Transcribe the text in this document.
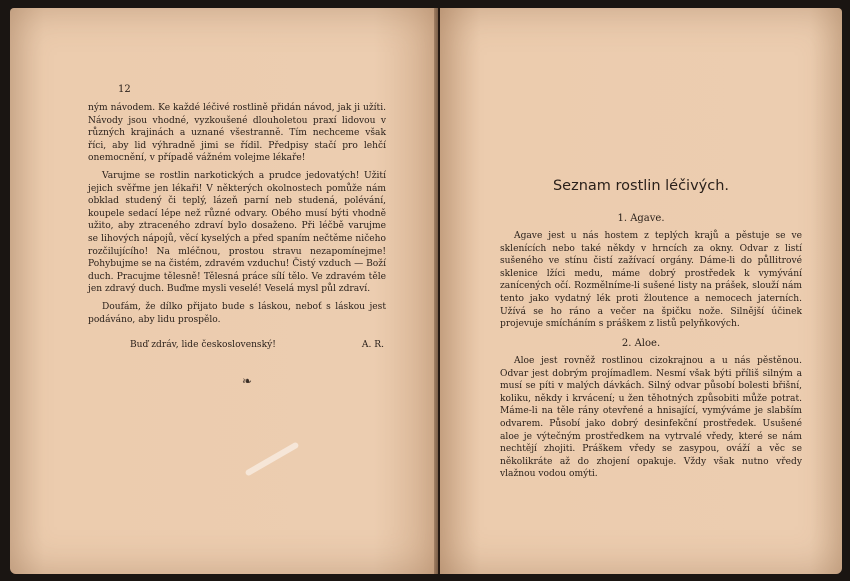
12

ným návodem. Ke každé léčivé rostlině přidán návod, jak ji užíti. Návody jsou vhodné, vyzkoušené dlouholetou praxí lidovou v různých krajinách a uznané všestranně. Tím nechceme však říci, aby lid výhradně jimi se řídil. Předpisy stačí pro lehčí onemocnění, v případě vážném volejme lékaře!

Varujme se rostlin narkotických a prudce jedovatých! Užití jejich svěřme jen lékaři! V některých okolnostech pomůže nám obklad studený či teplý, lázeň parní neb studená, polévání, koupele sedací lépe než různé odvary. Obého musí býti vhodně užito, aby ztraceného zdraví bylo dosaženo. Při léčbě varujme se lihových nápojů, věcí kyselých a před spaním nečtěme ničeho rozčilujícího! Na mléčnou, prostou stravu nezapomínejme! Pohybujme se na čistém, zdravém vzduchu! Čistý vzduch — Boží duch. Pracujme tělesně! Tělesná práce sílí tělo. Ve zdravém těle jen zdravý duch. Buďme mysli veselé! Veselá mysl půl zdraví.

Doufám, že dílko přijato bude s láskou, neboť s láskou jest podáváno, aby lidu prospělo.

Buď zdráv, lide československý!	A. R.
❧
Seznam rostlin léčivých.
1. Agave.

Agave jest u nás hostem z teplých krajů a pěstuje se ve sklenících nebo také někdy v hrncích za okny. Odvar z listí sušeného ve stínu čistí zažívací orgány. Dáme-li do půllitrové sklenice lžíci medu, máme dobrý prostředek k vymývání zanícených očí. Rozmělníme-li sušené listy na prášek, slouží nám tento jako vydatný lék proti žloutence a nemocech jaterních. Užívá se ho ráno a večer na špičku nože. Silnější účinek projevuje smícháním s práškem z listů pelyňkových.

2. Aloe.

Aloe jest rovněž rostlinou cizokrajnou a u nás pěstěnou. Odvar jest dobrým projímadlem. Nesmí však býti příliš silným a musí se píti v malých dávkách. Silný odvar působí bolesti břišní, koliku, někdy i krvácení; u žen těhotných způsobiti může potrat. Máme-li na těle rány otevřené a hnisající, vymýváme je slabším odvarem. Působí jako dobrý desinfekční prostředek. Usušené aloe je výtečným prostředkem na vytrvalé vředy, které se nám nechtějí zhojiti. Práškem vředy se zasypou, ováží a věc se několikráte až do zhojení opakuje. Vždy však nutno vředy vlažnou vodou omýti.
